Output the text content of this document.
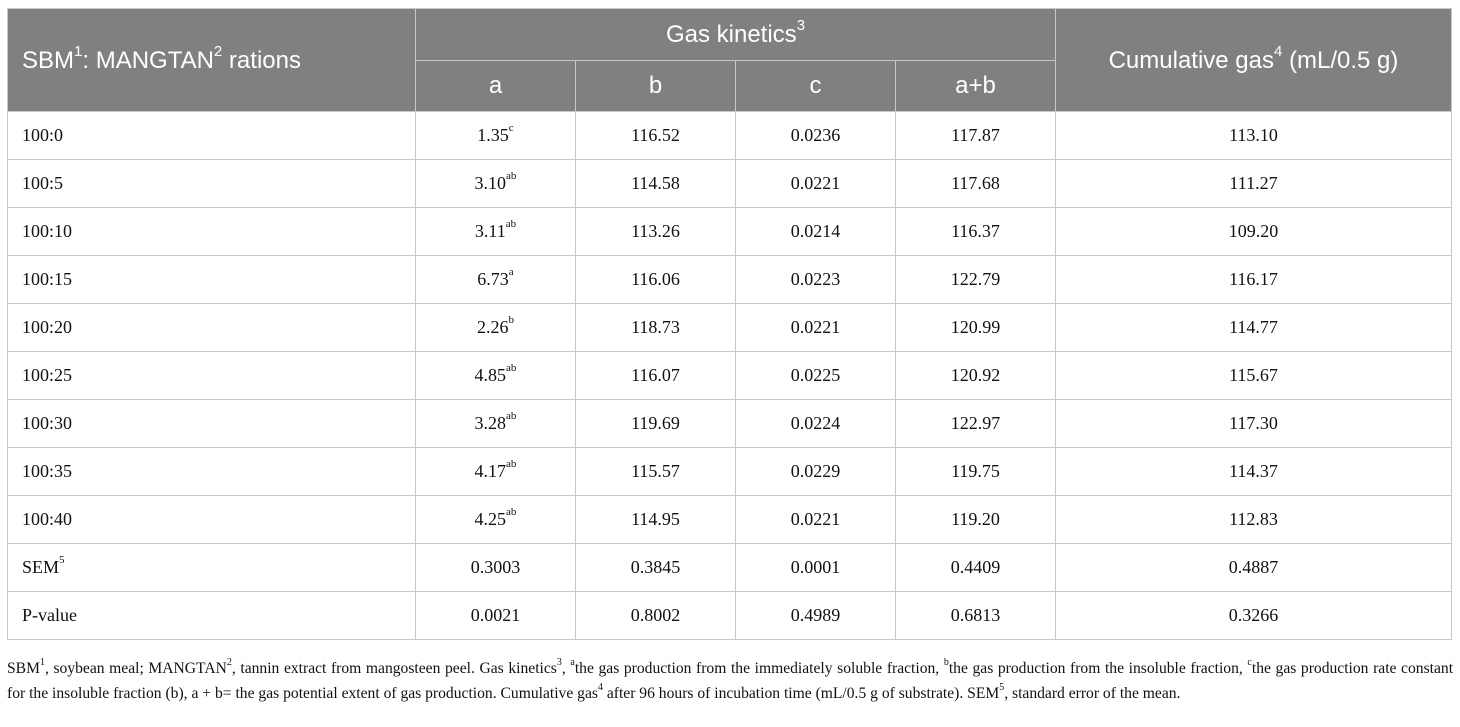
SBM$^1$: MANGTAN$^2$ rations	Gas kinetics$^3$				Cumulative gas$^4$ (mL/0.5 g)
	a	b	c	a+b	
100:0	1.35$^c$	116.52	0.0236	117.87	113.10
100:5	3.10$^{ab}$	114.58	0.0221	117.68	111.27
100:10	3.11$^{ab}$	113.26	0.0214	116.37	109.20
100:15	6.73$^a$	116.06	0.0223	122.79	116.17
100:20	2.26$^b$	118.73	0.0221	120.99	114.77
100:25	4.85$^{ab}$	116.07	0.0225	120.92	115.67
100:30	3.28$^{ab}$	119.69	0.0224	122.97	117.30
100:35	4.17$^{ab}$	115.57	0.0229	119.75	114.37
100:40	4.25$^{ab}$	114.95	0.0221	119.20	112.83
SEM$^5$	0.3003	0.3845	0.0001	0.4409	0.4887
P-value	0.0021	0.8002	0.4989	0.6813	0.3266

SBM$^1$, soybean meal; MANGTAN$^2$, tannin extract from mangosteen peel. Gas kinetics$^3$, $^a$the gas production from the immediately soluble fraction, $^b$the gas production from the insoluble fraction, $^c$the gas production rate constant for the insoluble fraction (b), a + b= the gas potential extent of gas production. Cumulative gas$^4$ after 96 hours of incubation time (mL/0.5 g of substrate). SEM$^5$, standard error of the mean.
